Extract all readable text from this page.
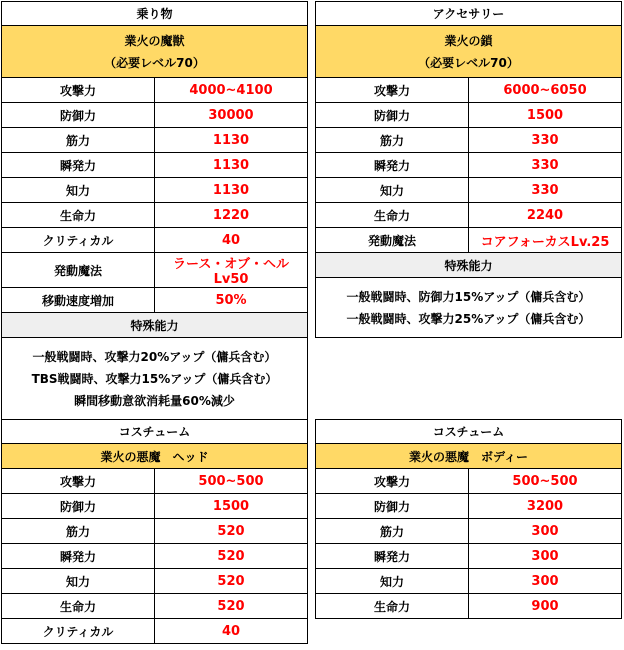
乗り物	

業火の魔獣
（必要レベル70）	

攻撃力	4000~4100
防御力	30000
筋力	1130
瞬発力	1130
知力	1130
生命力	1220
クリティカル	40
発動魔法	ラース・オブ・ヘル Lv50
移動速度増加	50%
特殊能力	

一般戦闘時、攻撃力20%アップ（傭兵含む）
TBS戦闘時、攻撃力15%アップ（傭兵含む）
瞬間移動意欲消耗量60%減少	
アクセサリー	

業火の鎖
（必要レベル70）	

攻撃力	6000~6050
防御力	1500
筋力	330
瞬発力	330
知力	330
生命力	2240
発動魔法	コアフォーカスLv.25
特殊能力	

一般戦闘時、防御力15%アップ（傭兵含む）
一般戦闘時、攻撃力25%アップ（傭兵含む）	
コスチューム	
業火の悪魔　ヘッド	
攻撃力	500~500
防御力	1500
筋力	520
瞬発力	520
知力	520
生命力	520
クリティカル	40
コスチューム	
業火の悪魔　ボディー	
攻撃力	500~500
防御力	3200
筋力	300
瞬発力	300
知力	300
生命力	900
